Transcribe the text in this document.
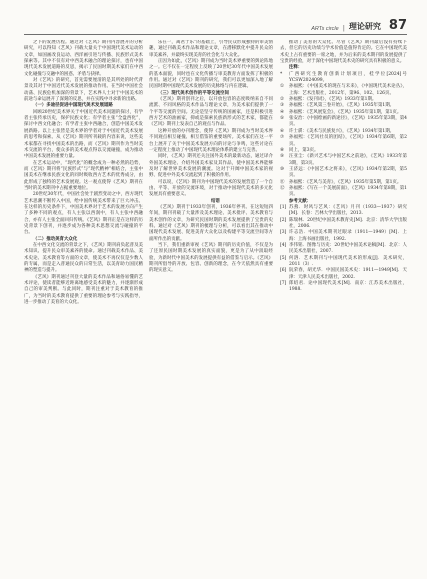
ARTs circle | 理论研究 87

之下的发展历程。通过对《艺风》期刊内容展开的分析研究，可以得知《艺风》刊载大量关于中国现代美术运动的文章，如国画改良运动、西洋画引进与传播、民族形式美术探索等。其中不仅有对中西美术融合的理论探讨，也有中国现代美术发展道路的反思，揭示了民国时期美术家们在中西文化碰撞与交融中的困惑、矛盾与抉择。

对《艺风》的研究，首先需要厘清的是其所处的时代背景及其对于中国近代美术发展的推动作用。在当时中国社会动荡、民族危机加深的背景下，艺术界人士对于中国美术的前途与命运展开了深刻的反思，并在实践中寻求新的出路。

（一）多途径促进中国现代美术发展道路

回顾20世纪美术界关于中国近代美术问题的探讨，有学者主张传承历史，保护民族文化；有学者主张“全盘西化”，探讨中西文化融合；有学者主张中西融合，创造中国美术发展新路。以上主张皆是美术界的学者对于中国近代美术发展的思考和探索。从《艺风》期刊所刊载的内容来说，这些美术家都在寻找中国美术的出路，而《艺风》期刊作为当时美术交流的平台，使众多的美术观点得以交流碰撞，成为推动中国美术发展的重要力量。

在艺术运动中，“现代化”的概念成为一种必然的趋势，而《艺风》期刊将“民族形式”与“现代精神”相结合，主张中国美术在继承民族文化的同时吸收西方艺术的优秀成分，由此形成了独特的艺术发展观。这一观点使得《艺风》期刊在当时的美术期刊中占据重要地位。

20世纪30年代，中国社会处于剧烈变动之中，西方现代艺术思潮不断传入中国，给中国传统美术带来了巨大冲击。在这样的历史条件下，中国美术界对于艺术的发展方向产生了多种不同的观点，有人主张以西润中，有人主张中西融合，亦有人主张全面回归传统。《艺风》期刊正是在这样的历史背景下创刊，并逐步成为各种美术思想交流与碰撞的平台。

（二）推动美育大众化

在中西文化交流的背景之下，《艺风》期刊肩负起普及美术知识、提升民众审美素养的使命。通过刊载美术作品、美术史论、美术教育等方面的文章，使美术不再仅仅是少数人的专属，而是走入普通民众的日常生活，以美育助力国民精神的塑造与提升。

《艺风》期刊通过刊登大量的美术作品和通俗易懂的艺术评论，使读者能够近距离地感受美术的魅力，并逐渐形成自己的审美判断。与此同时，期刊注重对于美术教育的推广，为当时的美术教育提供了重要的理论参考与实践指导，进一步推动了美育的大众化。

乐在一，离君于乐”的基础上，引导民众形成独特的审美情趣，通过刊载美术作品和理论文章，在潜移默化中提升民众的审美素养，并最终实现美育的社会化与大众化。

正因为如此，《艺风》期刊成为当时美术界重要的舆论阵地之一。它不仅在一定程度上反映了20世纪30年代中国美术发展的基本面貌，同时也在文化传播与审美教育方面发挥了积极的作用。通过对《艺风》期刊的研究，我们可以更加深入地了解民国时期中国现代美术发展的历史脉络与内在逻辑。

（三）现代美术创作的平等交流空间

《艺风》期刊创刊之后，以开放包容的态度吸纳来自不同流派、不同风格的美术作品与理论文章，为美术家们提供了一个平等交流的空间。无论是坚守传统的国画家，还是积极引进西方艺术的油画家，抑或是探索民族新形式的艺术家，都能在《艺风》期刊上发表自己的观点与作品。

这种开放的办刊理念，使得《艺风》期刊成为当时美术界不同观点相互碰撞、相互借鉴的重要场所。美术家们在这一平台上展开了关于中国美术发展方向的讨论与争鸣，这些讨论在一定程度上推动了中国现代美术理论体系的建立与完善。

同时，《艺风》期刊还关注国外美术的最新动态，通过译介外国美术理论、介绍外国美术家及其作品，使中国美术界能够及时了解世界美术发展的潮流。这对于开阔中国美术家的视野、促进中外美术交流起到了积极的作用。

可以说，《艺风》期刊为中国现代美术的发展营造了一个自由、平等、开放的交流环境，对于推动中国现代美术的多元化发展具有重要意义。

结语

《艺风》期刊于1933年创刊，1936年停刊。在这短短四年间，期刊刊载了大量涉及美术理论、美术批评、美术教育与美术创作的文章，为研究民国时期的美术发展提供了宝贵的史料。通过对《艺风》期刊的梳理与分析，可以看出其在推动中国现代美术发展、促进美育大众化以及构建平等交流空间等方面所作出的贡献。

当下，我们重新审视《艺风》期刊的历史价值，不仅是为了还原民国时期美术发展的真实面貌，更是为了从中汲取经验，为新时代中国美术的发展提供有益的借鉴与启示。《艺风》期刊所倡导的开放、包容、创新的理念，在今天依然具有重要的现实意义。

推动了美育的大众化。尽管《艺风》期刊最后没有持续下去，但它的历史功绩与学术价值是值得肯定的。它在中国现代美术史上占有重要的一席之地，并为后来的美术期刊的发展提供了宝贵的经验，对于深化中国现代美术史的研究具有积极的意义。

注释：

*	广西研究生教育创新计划项目，桂学位[2024]号YCSW2024099。
①	孙福熙：《中国美术的现在与未来》，《中国现代美术论丛》，上海：艺术出版社，2012年，第96、102、126页。
②	孙福熙：《发刊词》，《艺风》1933年第1期。
③	孙福熙：《艺风第三卷开始》，《艺风》1935年第1期。
④	孙福熙：《艺风展览会》，《艺风》1935年第1期，第1页。
⑤	张安治：《中国绘画的新途径》，《艺风》1935年第3期，第4页。
⑥	许士骐：《美术与民族复兴》，《艺风》1934年第1期。
⑦	孙福熙：《艺风社员的团结》，《艺风》1934年第6期，第2页。
⑧	同上，第3页。
⑨	汪亚尘：《新兴艺术与中国艺术之前途》，《艺风》1933年第3期，第3页。
⑩	王济远：《中国艺术之将来》，《艺风》1934年第2期，第5页。
⑪	孙福熙：《艺风与美育》，《艺风》1935年第5期，第1页。
⑫	孙福熙：《写在一个美展前面》，《艺风》1934年第8期，第1页。

参考文献：

[1] 苏燕．时风与艺风：《艺风》月刊（1933—1937）研究[M]．长春：吉林大学出版社，2013.
[2] 陈瑞林．20世纪中国美术教育史[M]．北京：清华大学出版社，2006.
[3] 许志浩．中国美术期刊过眼录（1911—1949）[M]．上海：上海书画出版社，1992.
[4] 李伟铭．图像与历史：20世纪中国美术论稿[M]．北京：人民美术出版社，2007.
[5] 何溶．艺术期刊与中国现代美术的形成[J]．美术研究，2011（3）.
[6] 阮荣春，胡光华．中国民国美术史：1911—1949[M]．天津：天津人民美术出版社，2002.
[7] 郎绍君．论中国现代美术[M]．南京：江苏美术出版社，1988.
